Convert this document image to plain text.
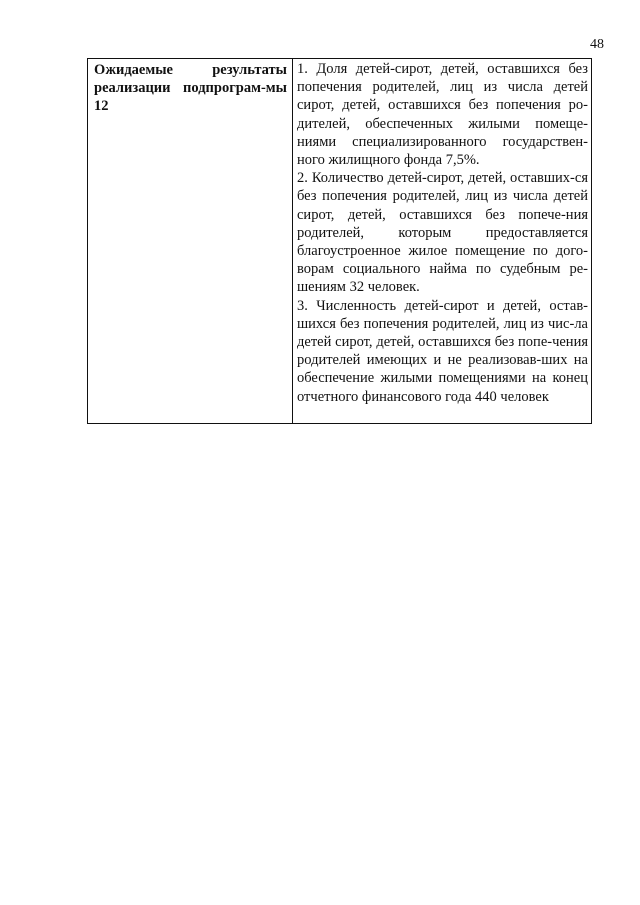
48
Ожидаемые результаты реализации подпрограм-мы 12

1. Доля детей-сирот, детей, оставшихся без попечения родителей, лиц из числа детей сирот, детей, оставшихся без попечения ро-дителей, обеспеченных жилыми помеще-ниями специализированного государствен-ного жилищного фонда 7,5%.

2. Количество детей-сирот, детей, оставших-ся без попечения родителей, лиц из числа детей сирот, детей, оставшихся без попече-ния родителей, которым предоставляется благоустроенное жилое помещение по дого-ворам социального найма по судебным ре-шениям 32 человек.

3. Численность детей-сирот и детей, остав-шихся без попечения родителей, лиц из чис-ла детей сирот, детей, оставшихся без попе-чения родителей имеющих и не реализовав-ших на обеспечение жилыми помещениями на конец отчетного финансового года 440 человек
